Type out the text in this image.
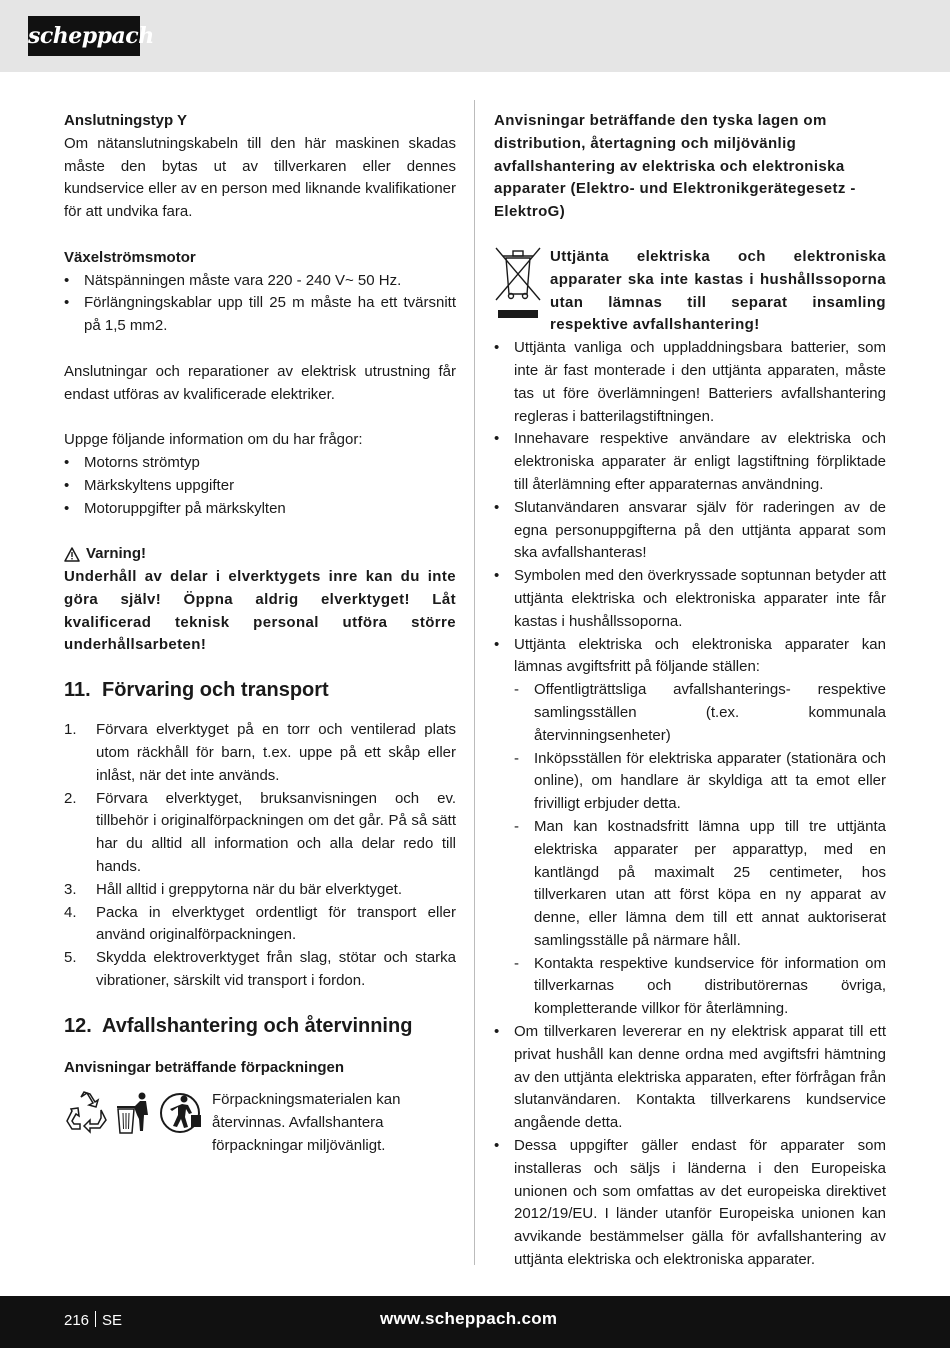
scheppach

Anslutningstyp Y

Om nätanslutningskabeln till den här maskinen skadas måste den bytas ut av tillverkaren eller dennes kundservice eller av en person med liknande kvalifikationer för att undvika fara.

Växelströmsmotor

• Nätspänningen måste vara 220 - 240 V~ 50 Hz.
• Förlängningskablar upp till 25 m måste ha ett tvärsnitt på 1,5 mm2.

Anslutningar och reparationer av elektrisk utrustning får endast utföras av kvalificerade elektriker.

Uppge följande information om du har frågor:

• Motorns strömtyp
• Märkskyltens uppgifter
• Motoruppgifter på märkskylten
Varning!

Underhåll av delar i elverktygets inre kan du inte göra själv! Öppna aldrig elverktyget! Låt kvalificerad teknisk personal utföra större underhållsarbeten!

11. Förvaring och transport
1. Förvara elverktyget på en torr och ventilerad plats utom räckhåll för barn, t.ex. uppe på ett skåp eller inlåst, när det inte används.
2. Förvara elverktyget, bruksanvisningen och ev. tillbehör i originalförpackningen om det går. På så sätt har du alltid all information och alla delar redo till hands.
3. Håll alltid i greppytorna när du bär elverktyget.
4. Packa in elverktyget ordentligt för transport eller använd originalförpackningen.
5. Skydda elektroverktyget från slag, stötar och starka vibrationer, särskilt vid transport i fordon.
12. Avfallshantering och återvinning

Anvisningar beträffande förpackningen

Förpackningsmaterialen kan återvinnas. Avfallshantera förpackningar miljövänligt.

Anvisningar beträffande den tyska lagen om distribution, återtagning och miljövänlig avfallshantering av elektriska och elektroniska apparater (Elektro- und Elektronikgerätegesetz - ElektroG)

Uttjänta elektriska och elektroniska apparater ska inte kastas i hushållssoporna utan lämnas till separat insamling respektive avfallshantering!

• Uttjänta vanliga och uppladdningsbara batterier, som inte är fast monterade i den uttjänta apparaten, måste tas ut före överlämningen! Batteriers avfallshantering regleras i batterilagstiftningen.
• Innehavare respektive användare av elektriska och elektroniska apparater är enligt lagstiftning förpliktade till återlämning efter apparaternas användning.
• Slutanvändaren ansvarar själv för raderingen av de egna personuppgifterna på den uttjänta apparat som ska avfallshanteras!
• Symbolen med den överkryssade soptunnan betyder att uttjänta elektriska och elektroniska apparater inte får kastas i hushållssoporna.
• Uttjänta elektriska och elektroniska apparater kan lämnas avgiftsfritt på följande ställen:
- Offentligträttsliga avfallshanterings- respektive samlingsställen (t.ex. kommunala återvinningsenheter)
- Inköpsställen för elektriska apparater (stationära och online), om handlare är skyldiga att ta emot eller frivilligt erbjuder detta.
- Man kan kostnadsfritt lämna upp till tre uttjänta elektriska apparater per apparattyp, med en kantlängd på maximalt 25 centimeter, hos tillverkaren utan att först köpa en ny apparat av denne, eller lämna dem till ett annat auktoriserat samlingsställe på närmare håll.
- Kontakta respektive kundservice för information om tillverkarnas och distributörernas övriga, kompletterande villkor för återlämning.
• Om tillverkaren levererar en ny elektrisk apparat till ett privat hushåll kan denne ordna med avgiftsfri hämtning av den uttjänta elektriska apparaten, efter förfrågan från slutanvändaren. Kontakta tillverkarens kundservice angående detta.
• Dessa uppgifter gäller endast för apparater som installeras och säljs i länderna i den Europeiska unionen och som omfattas av det europeiska direktivet 2012/19/EU. I länder utanför Europeiska unionen kan avvikande bestämmelser gälla för avfallshantering av uttjänta elektriska och elektroniska apparater.
216 SE	www.scheppach.com
